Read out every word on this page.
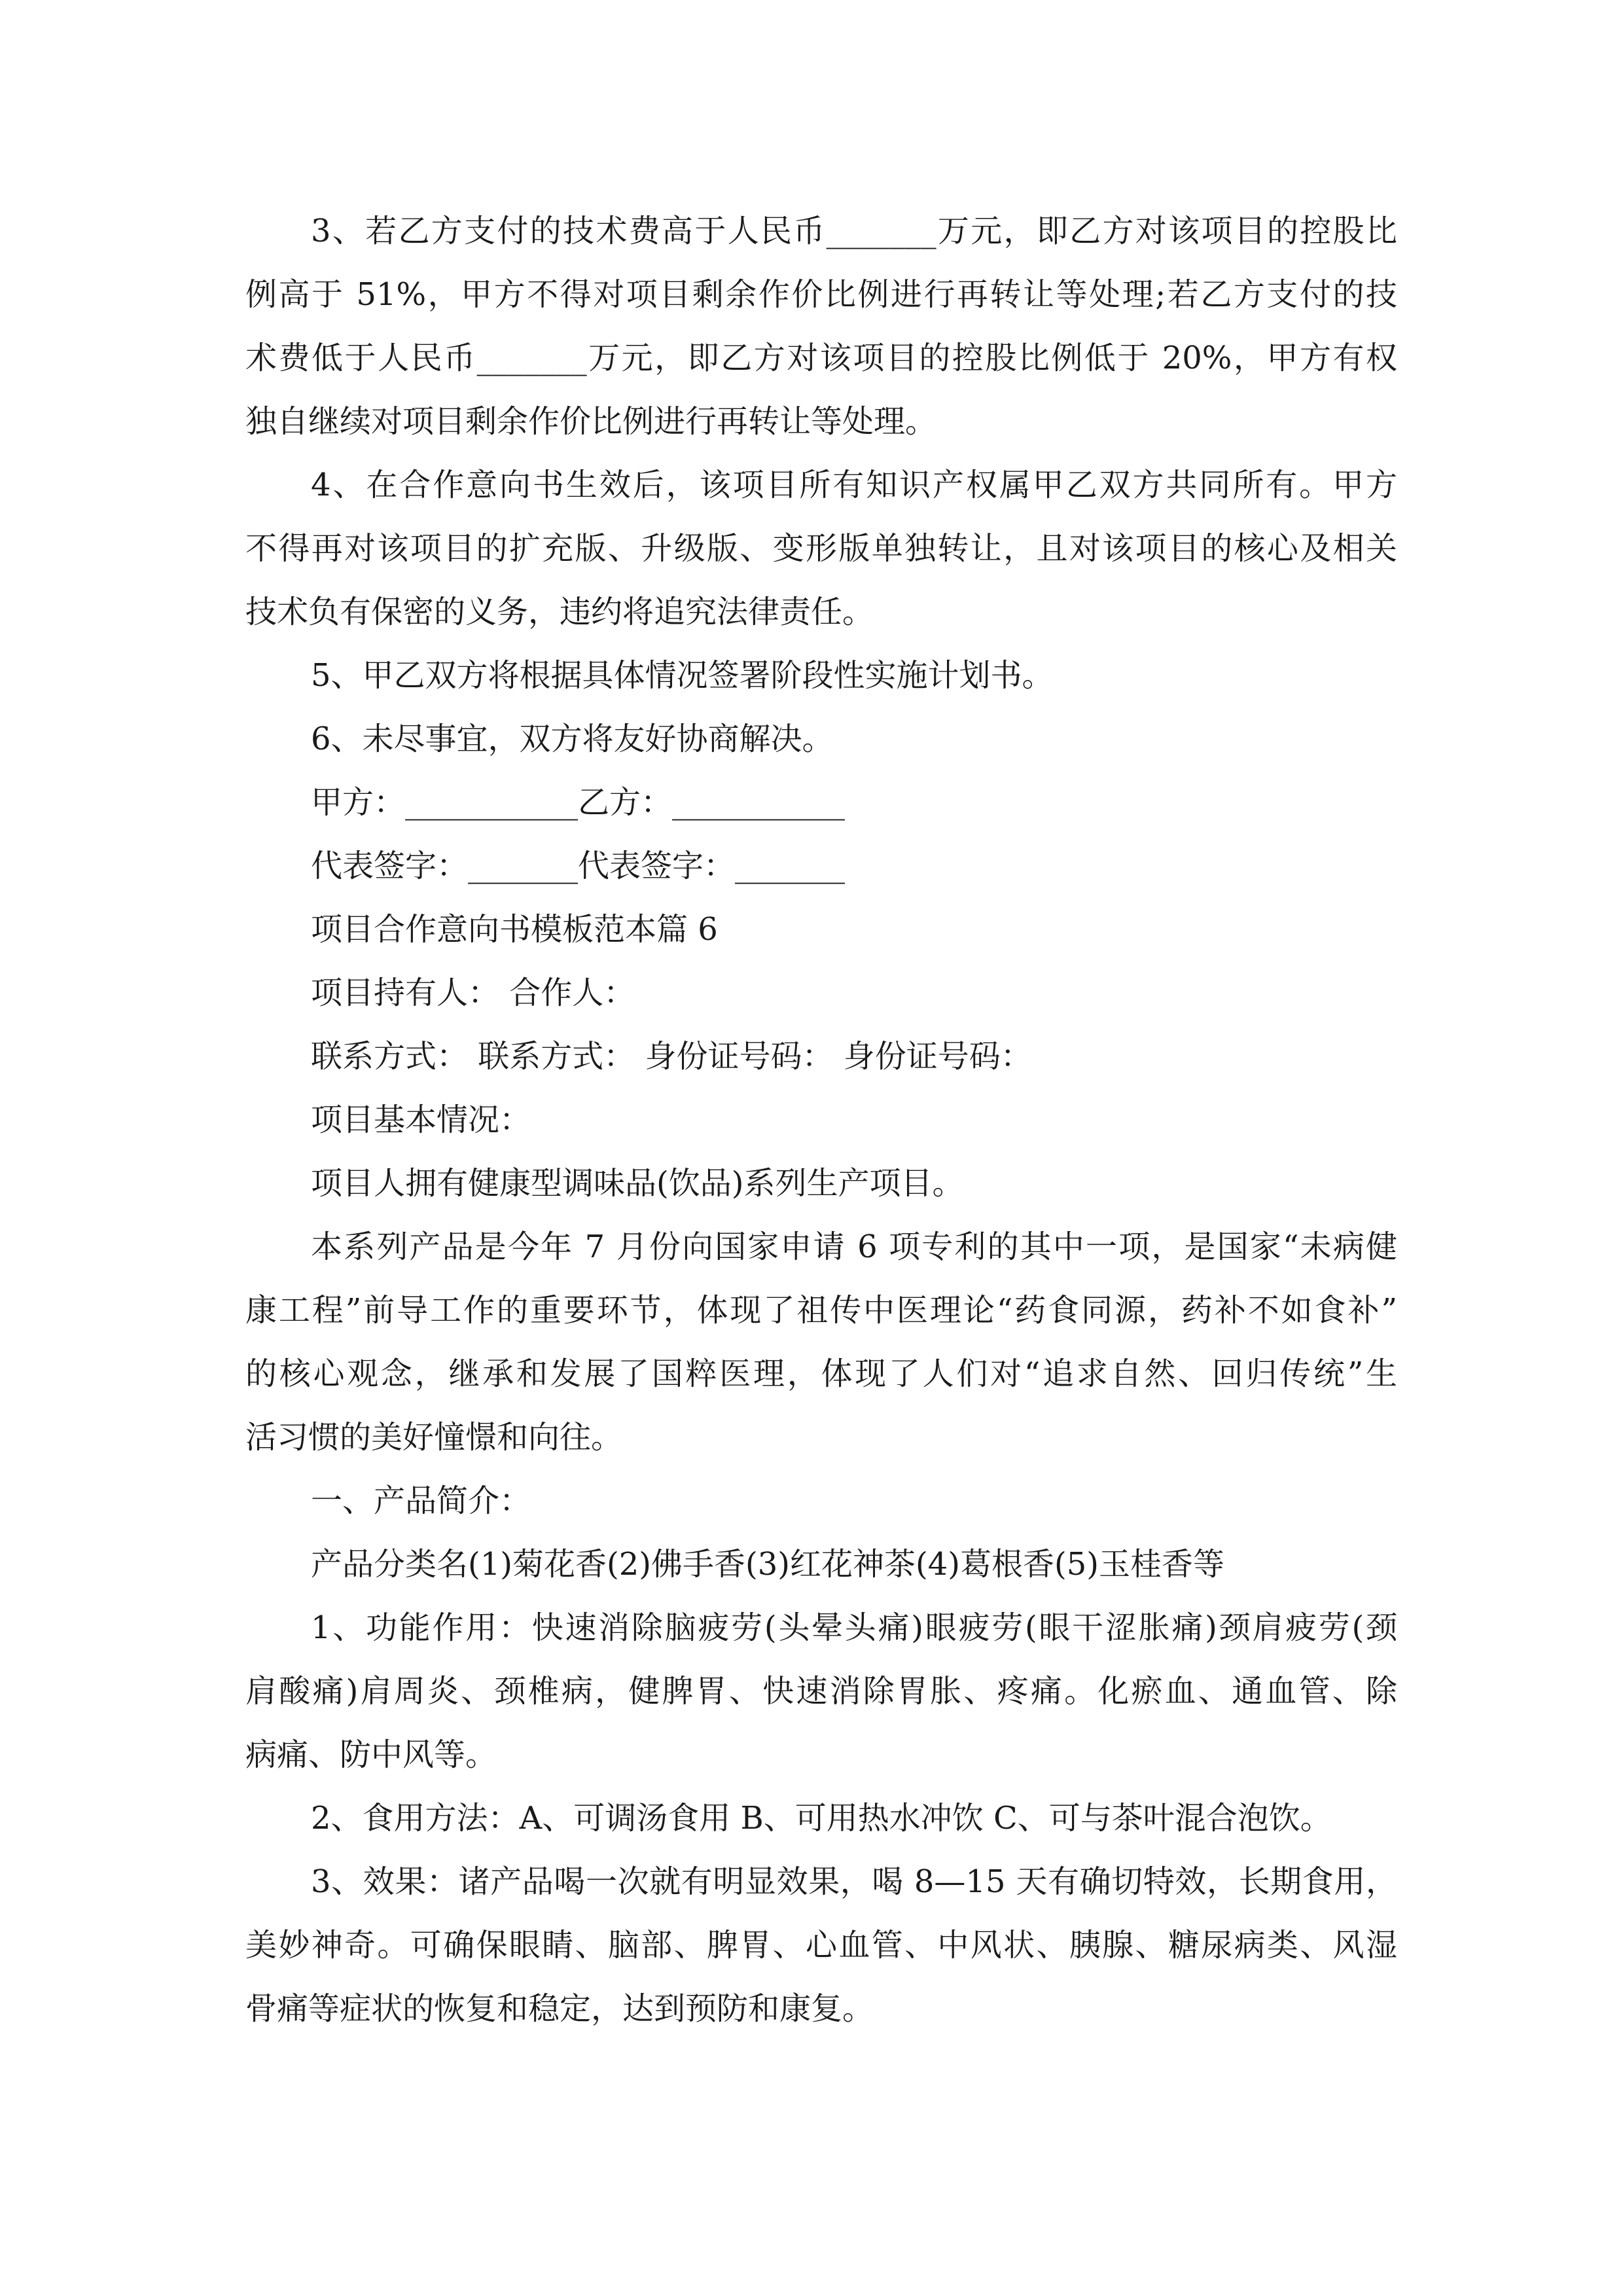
3、若乙方支付的技术费高于人民币_______万元，即乙方对该项目的控股比
例高于 51%，甲方不得对项目剩余作价比例进行再转让等处理;若乙方支付的技
术费低于人民币_______万元，即乙方对该项目的控股比例低于 20%，甲方有权
独自继续对项目剩余作价比例进行再转让等处理。
4、在合作意向书生效后，该项目所有知识产权属甲乙双方共同所有。甲方
不得再对该项目的扩充版、升级版、变形版单独转让，且对该项目的核心及相关
技术负有保密的义务，违约将追究法律责任。
5、甲乙双方将根据具体情况签署阶段性实施计划书。
6、未尽事宜，双方将友好协商解决。
甲方：___________乙方：___________
代表签字：_______代表签字：_______
项目合作意向书模板范本篇 6
项目持有人： 合作人：
联系方式： 联系方式： 身份证号码： 身份证号码：
项目基本情况：
项目人拥有健康型调味品(饮品)系列生产项目。
本系列产品是今年 7 月份向国家申请 6 项专利的其中一项，是国家“未病健
康工程”前导工作的重要环节，体现了祖传中医理论“药食同源，药补不如食补”
的核心观念，继承和发展了国粹医理，体现了人们对“追求自然、回归传统”生
活习惯的美好憧憬和向往。
一、产品简介：
产品分类名(1)菊花香(2)佛手香(3)红花神茶(4)葛根香(5)玉桂香等
1、功能作用：快速消除脑疲劳(头晕头痛)眼疲劳(眼干涩胀痛)颈肩疲劳(颈
肩酸痛)肩周炎、颈椎病，健脾胃、快速消除胃胀、疼痛。化瘀血、通血管、除
病痛、防中风等。
2、食用方法：A、可调汤食用 B、可用热水冲饮 C、可与茶叶混合泡饮。
3、效果：诸产品喝一次就有明显效果，喝 8—15 天有确切特效，长期食用，
美妙神奇。可确保眼睛、脑部、脾胃、心血管、中风状、胰腺、糖尿病类、风湿
骨痛等症状的恢复和稳定，达到预防和康复。
